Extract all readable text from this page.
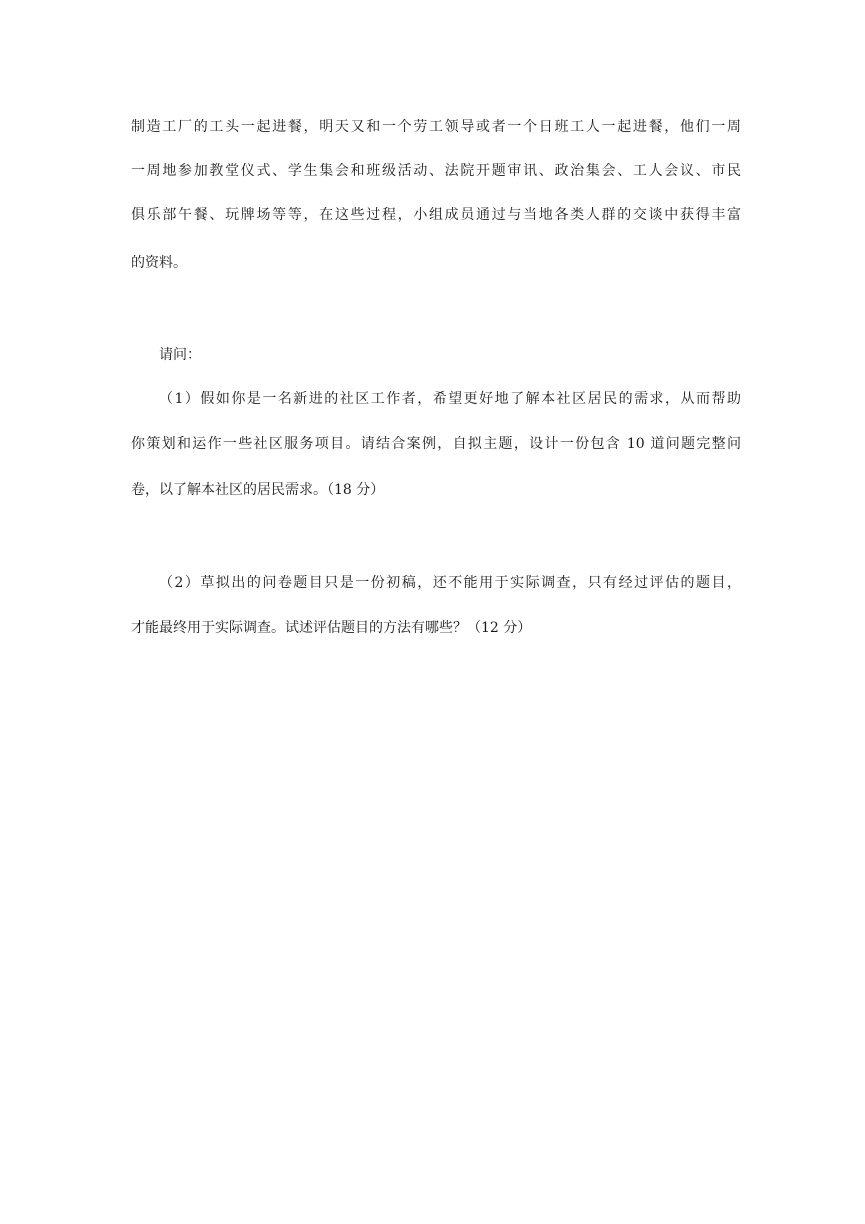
制造工厂的工头一起进餐，明天又和一个劳工领导或者一个日班工人一起进餐，他们一周
一周地参加教堂仪式、学生集会和班级活动、法院开题审讯、政治集会、工人会议、市民
俱乐部午餐、玩牌场等等，在这些过程，小组成员通过与当地各类人群的交谈中获得丰富
的资料。
请问：
（1）假如你是一名新进的社区工作者，希望更好地了解本社区居民的需求，从而帮助
你策划和运作一些社区服务项目。请结合案例，自拟主题，设计一份包含 10 道问题完整问
卷，以了解本社区的居民需求。（18 分）
（2）草拟出的问卷题目只是一份初稿，还不能用于实际调查，只有经过评估的题目，
才能最终用于实际调查。试述评估题目的方法有哪些？（12 分）
